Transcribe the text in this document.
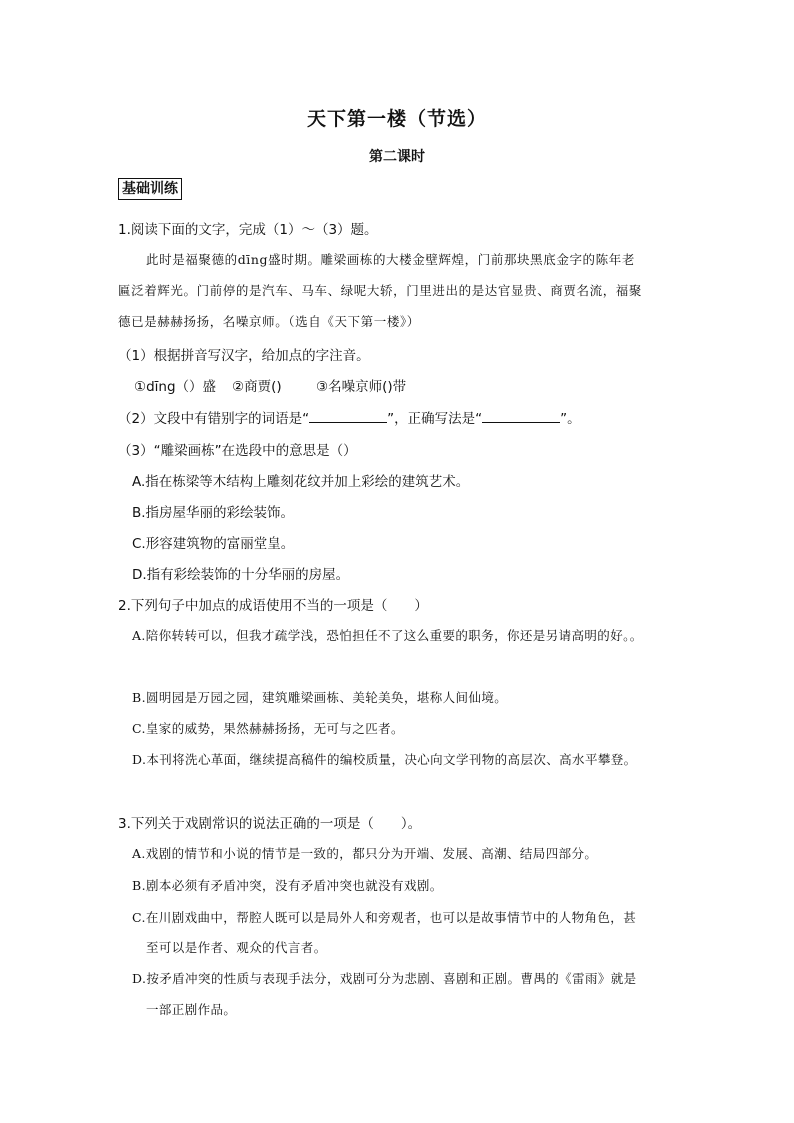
天下第一楼（节选）
第二课时
基础训练
1.阅读下面的文字，完成（1）～（3）题。
此时是福聚德的dīng盛时期。雕梁画栋的大楼金壁辉煌，门前那块黑底金字的陈年老
匾泛着辉光。门前停的是汽车、马车、绿呢大轿，门里进出的是达官显贵、商贾名流，福聚
德已是赫赫扬扬，名噪京师。（选自《天下第一楼》）
（1）根据拼音写汉字，给加点的字注音。
①dīng（）盛 ②商贾()	③名噪京师()带
（2）文段中有错别字的词语是“	”，正确写法是“	”。
（3）“雕梁画栋”在选段中的意思是（）
A.指在栋梁等木结构上雕刻花纹并加上彩绘的建筑艺术。
B.指房屋华丽的彩绘装饰。
C.形容建筑物的富丽堂皇。
D.指有彩绘装饰的十分华丽的房屋。
2.下列句子中加点的成语使用不当的一项是（　　）
A.陪你转转可以，但我才疏学浅，恐怕担任不了这么重要的职务，你还是另请高明的好。。
B.圆明园是万园之园，建筑雕梁画栋、美轮美奂，堪称人间仙境。
C.皇家的威势，果然赫赫扬扬，无可与之匹者。
D.本刊将洗心革面，继续提高稿件的编校质量，决心向文学刊物的高层次、高水平攀登。
3.下列关于戏剧常识的说法正确的一项是（　　）。
A.戏剧的情节和小说的情节是一致的，都只分为开端、发展、高潮、结局四部分。
B.剧本必须有矛盾冲突，没有矛盾冲突也就没有戏剧。
C.在川剧戏曲中，帮腔人既可以是局外人和旁观者，也可以是故事情节中的人物角色，甚
至可以是作者、观众的代言者。
D.按矛盾冲突的性质与表现手法分，戏剧可分为悲剧、喜剧和正剧。曹禺的《雷雨》就是
一部正剧作品。
